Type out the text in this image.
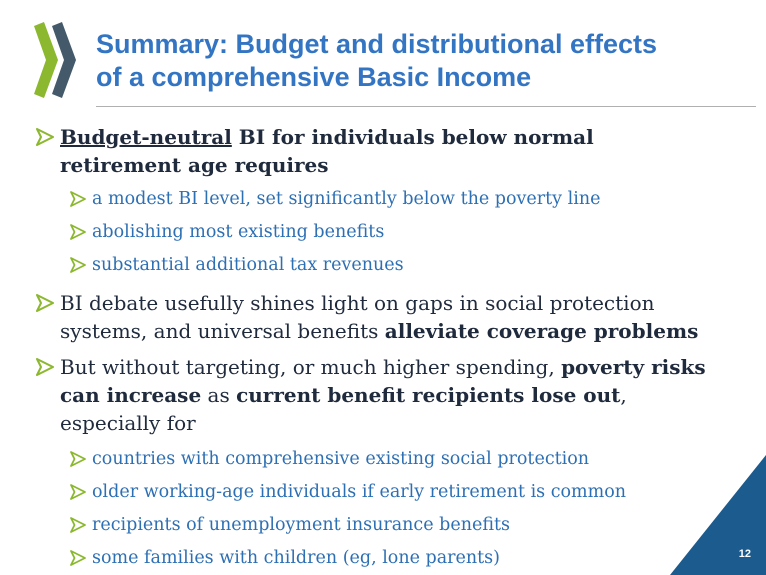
Summary: Budget and distributional effects
of a comprehensive Basic Income
Budget-neutral BI for individuals below normal
retirement age requires
a modest BI level, set significantly below the poverty line
abolishing most existing benefits
substantial additional tax revenues
BI debate usefully shines light on gaps in social protection
systems, and universal benefits alleviate coverage problems
But without targeting, or much higher spending, poverty risks
can increase as current benefit recipients lose out,
especially for
countries with comprehensive existing social protection
older working-age individuals if early retirement is common
recipients of unemployment insurance benefits
some families with children (eg, lone parents)	12
